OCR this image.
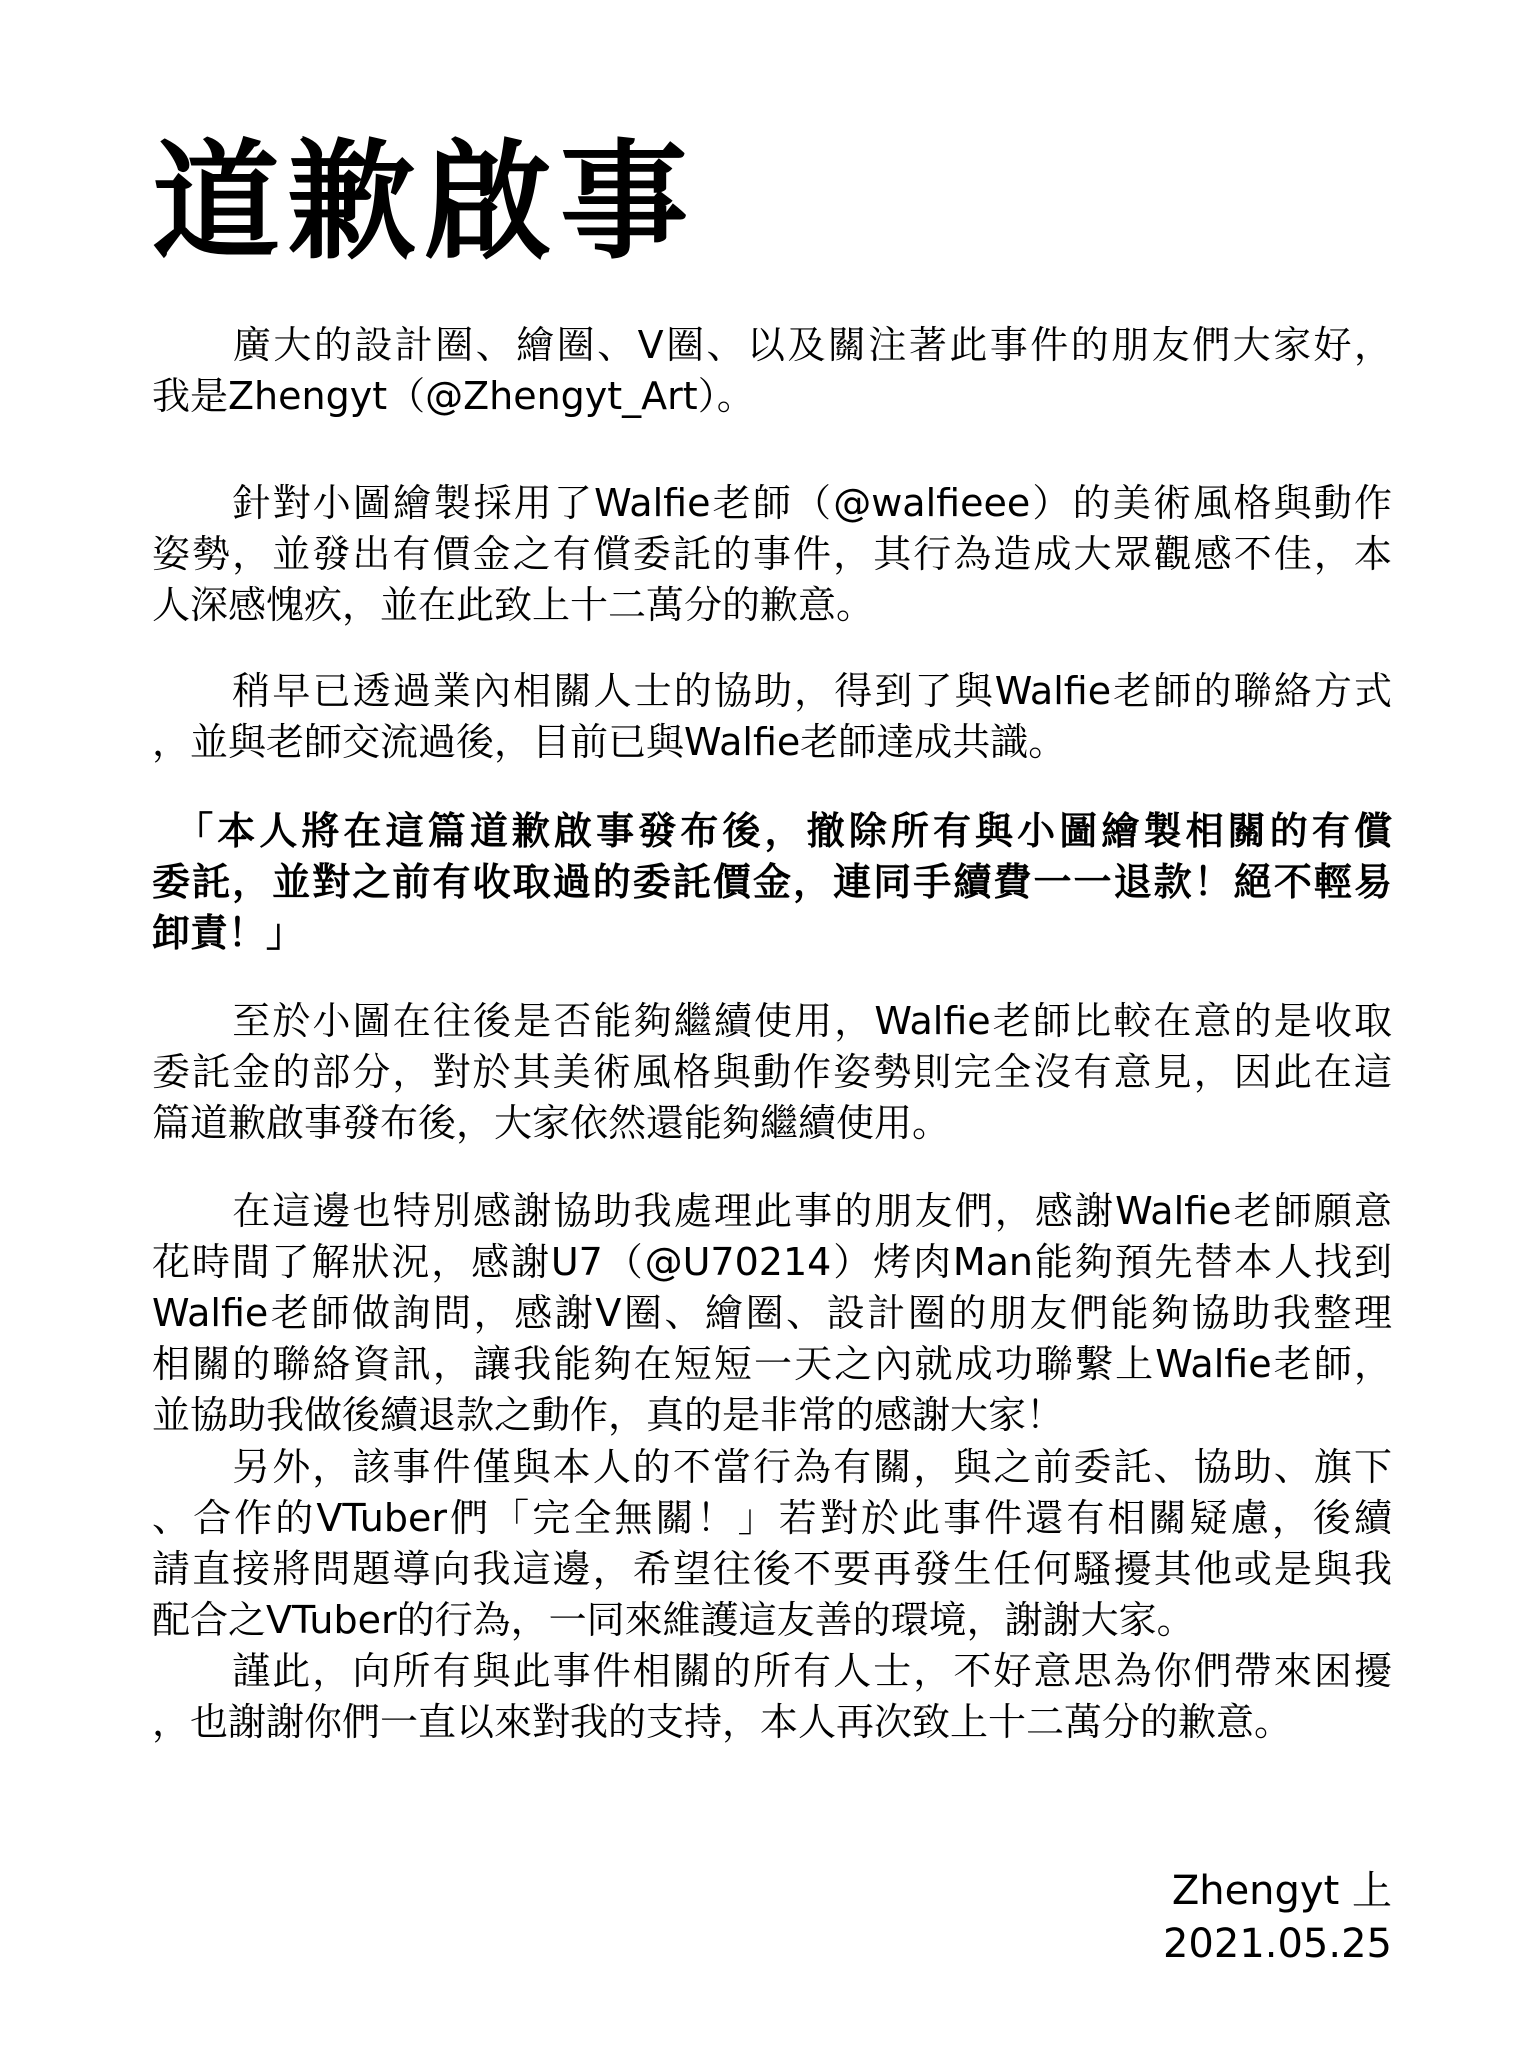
道歉啟事
　　廣大的設計圈、繪圈、V圈、以及關注著此事件的朋友們大家好，
我是Zhengyt（@Zhengyt_Art）。
　　針對小圖繪製採用了Walfie老師（@walfieee）的美術風格與動作
姿勢，並發出有價金之有償委託的事件，其行為造成大眾觀感不佳，本
人深感愧疚，並在此致上十二萬分的歉意。
　　稍早已透過業內相關人士的協助，得到了與Walfie老師的聯絡方式
，並與老師交流過後，目前已與Walfie老師達成共識。
　「本人將在這篇道歉啟事發布後，撤除所有與小圖繪製相關的有償
委託，並對之前有收取過的委託價金，連同手續費一一退款！絕不輕易
卸責！」
　　至於小圖在往後是否能夠繼續使用，Walfie老師比較在意的是收取
委託金的部分，對於其美術風格與動作姿勢則完全沒有意見，因此在這
篇道歉啟事發布後，大家依然還能夠繼續使用。
　　在這邊也特別感謝協助我處理此事的朋友們，感謝Walfie老師願意
花時間了解狀況，感謝U7（@U70214）烤肉Man能夠預先替本人找到
Walfie老師做詢問，感謝V圈、繪圈、設計圈的朋友們能夠協助我整理
相關的聯絡資訊，讓我能夠在短短一天之內就成功聯繫上Walfie老師，
並協助我做後續退款之動作，真的是非常的感謝大家！
　　另外，該事件僅與本人的不當行為有關，與之前委託、協助、旗下
、合作的VTuber們「完全無關！」若對於此事件還有相關疑慮，後續
請直接將問題導向我這邊，希望往後不要再發生任何騷擾其他或是與我
配合之VTuber的行為，一同來維護這友善的環境，謝謝大家。
　　謹此，向所有與此事件相關的所有人士，不好意思為你們帶來困擾
，也謝謝你們一直以來對我的支持，本人再次致上十二萬分的歉意。
Zhengyt 上
2021.05.25
